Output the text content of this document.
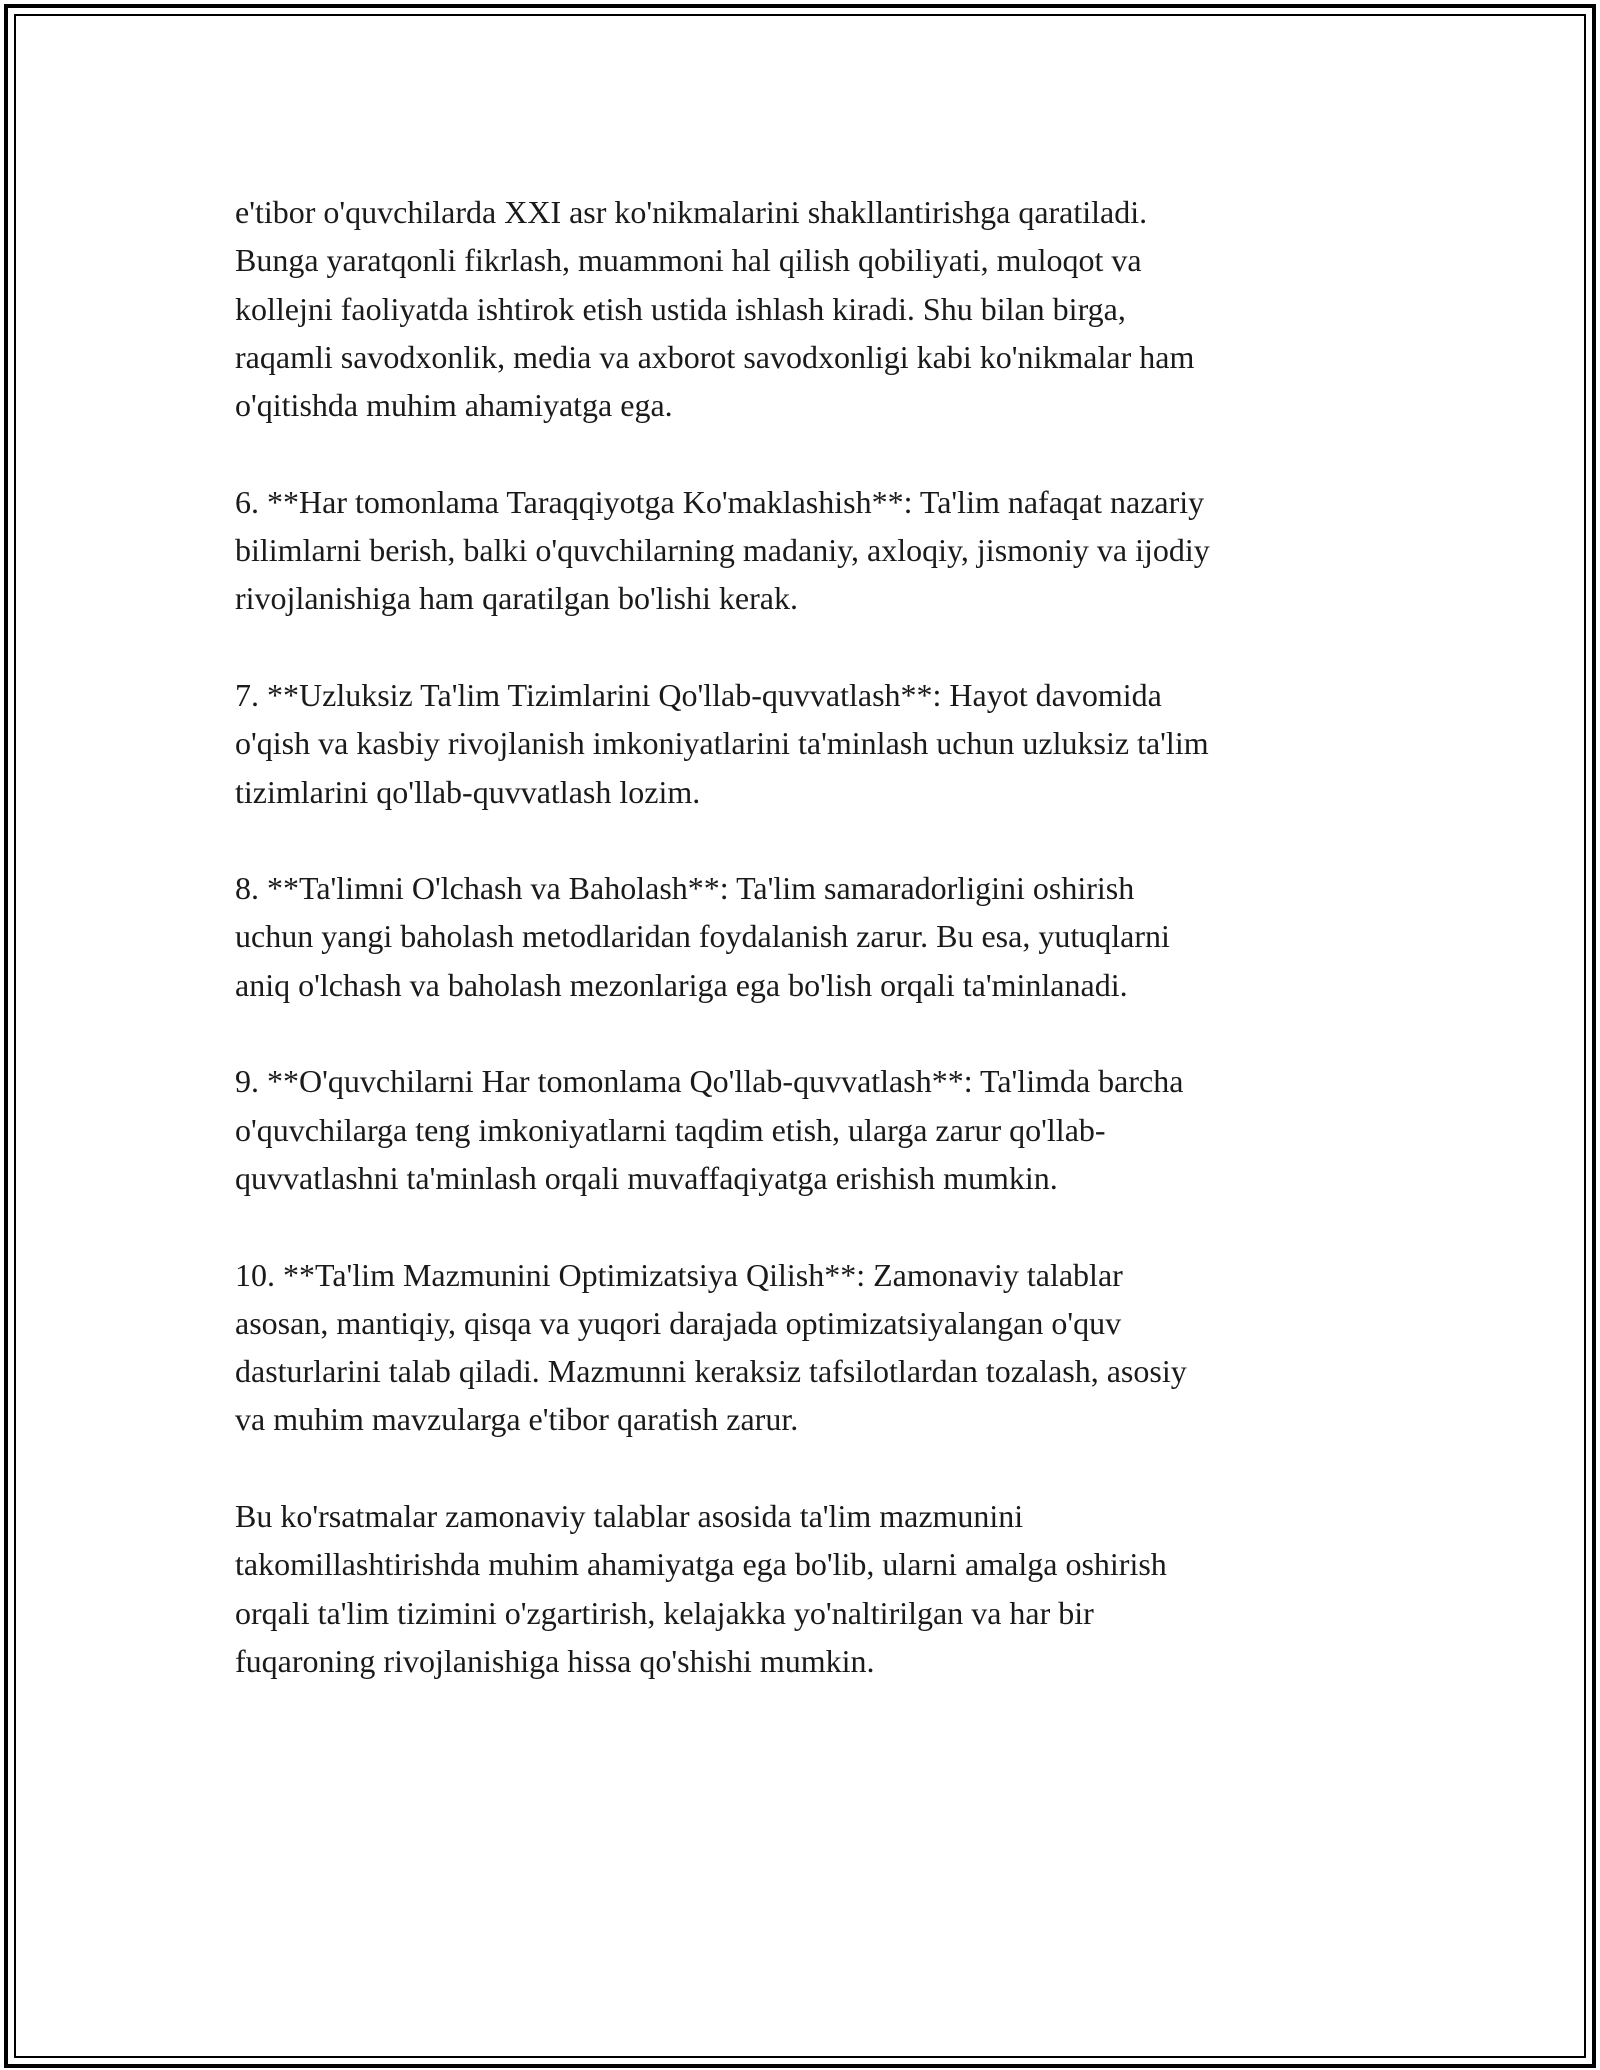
e'tibor o'quvchilarda XXI asr ko'nikmalarini shakllantirishga qaratiladi.
Bunga yaratqonli fikrlash, muammoni hal qilish qobiliyati, muloqot va
kollejni faoliyatda ishtirok etish ustida ishlash kiradi. Shu bilan birga,
raqamli savodxonlik, media va axborot savodxonligi kabi ko'nikmalar ham
o'qitishda muhim ahamiyatga ega.

6. **Har tomonlama Taraqqiyotga Ko'maklashish**: Ta'lim nafaqat nazariy
bilimlarni berish, balki o'quvchilarning madaniy, axloqiy, jismoniy va ijodiy
rivojlanishiga ham qaratilgan bo'lishi kerak.

7. **Uzluksiz Ta'lim Tizimlarini Qo'llab-quvvatlash**: Hayot davomida
o'qish va kasbiy rivojlanish imkoniyatlarini ta'minlash uchun uzluksiz ta'lim
tizimlarini qo'llab-quvvatlash lozim.

8. **Ta'limni O'lchash va Baholash**: Ta'lim samaradorligini oshirish
uchun yangi baholash metodlaridan foydalanish zarur. Bu esa, yutuqlarni
aniq o'lchash va baholash mezonlariga ega bo'lish orqali ta'minlanadi.

9. **O'quvchilarni Har tomonlama Qo'llab-quvvatlash**: Ta'limda barcha
o'quvchilarga teng imkoniyatlarni taqdim etish, ularga zarur qo'llab-
quvvatlashni ta'minlash orqali muvaffaqiyatga erishish mumkin.

10. **Ta'lim Mazmunini Optimizatsiya Qilish**: Zamonaviy talablar
asosan, mantiqiy, qisqa va yuqori darajada optimizatsiyalangan o'quv
dasturlarini talab qiladi. Mazmunni keraksiz tafsilotlardan tozalash, asosiy
va muhim mavzularga e'tibor qaratish zarur.

Bu ko'rsatmalar zamonaviy talablar asosida ta'lim mazmunini
takomillashtirishda muhim ahamiyatga ega bo'lib, ularni amalga oshirish
orqali ta'lim tizimini o'zgartirish, kelajakka yo'naltirilgan va har bir
fuqaroning rivojlanishiga hissa qo'shishi mumkin.
